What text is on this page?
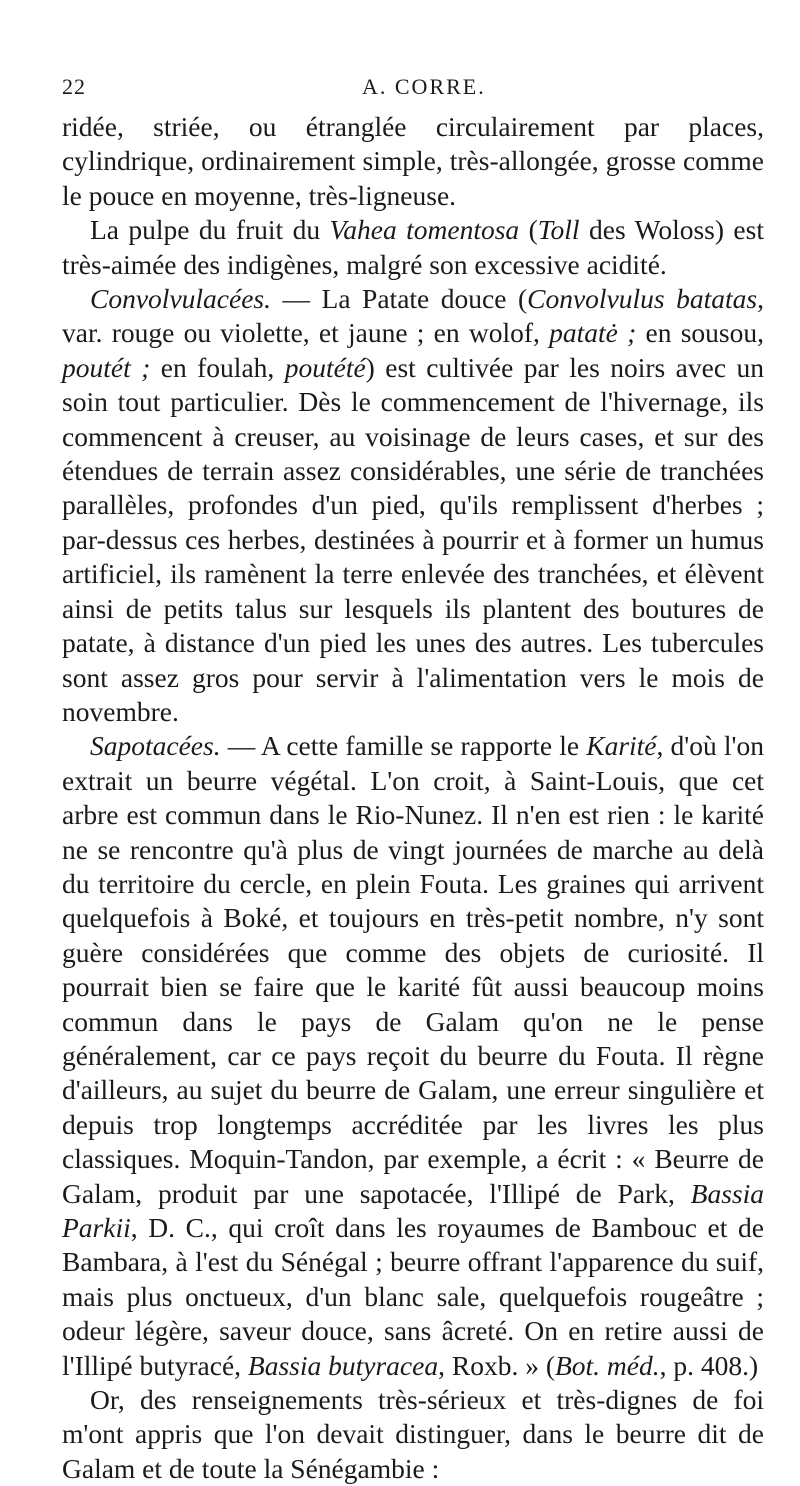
22	A. CORRE.

ridée, striée, ou étranglée circulairement par places, cylindrique, ordinairement simple, très-allongée, grosse comme le pouce en moyenne, très-ligneuse.

La pulpe du fruit du Vahea tomentosa (Toll des Woloss) est très-aimée des indigènes, malgré son excessive acidité.

Convolvulacées. — La Patate douce (Convolvulus batatas, var. rouge ou violette, et jaune ; en wolof, patatė ; en sousou, poutét ; en foulah, poutété) est cultivée par les noirs avec un soin tout particulier. Dès le commencement de l'hivernage, ils commencent à creuser, au voisinage de leurs cases, et sur des étendues de terrain assez considérables, une série de tranchées parallèles, profondes d'un pied, qu'ils remplissent d'herbes ; par-dessus ces herbes, destinées à pourrir et à former un humus artificiel, ils ramènent la terre enlevée des tranchées, et élèvent ainsi de petits talus sur lesquels ils plantent des boutures de patate, à distance d'un pied les unes des autres. Les tubercules sont assez gros pour servir à l'alimentation vers le mois de novembre.

Sapotacées. — A cette famille se rapporte le Karité, d'où l'on extrait un beurre végétal. L'on croit, à Saint-Louis, que cet arbre est commun dans le Rio-Nunez. Il n'en est rien : le karité ne se rencontre qu'à plus de vingt journées de marche au delà du territoire du cercle, en plein Fouta. Les graines qui arrivent quelquefois à Boké, et toujours en très-petit nombre, n'y sont guère considérées que comme des objets de curiosité. Il pourrait bien se faire que le karité fût aussi beaucoup moins commun dans le pays de Galam qu'on ne le pense généralement, car ce pays reçoit du beurre du Fouta. Il règne d'ailleurs, au sujet du beurre de Galam, une erreur singulière et depuis trop longtemps accréditée par les livres les plus classiques. Moquin-Tandon, par exemple, a écrit : « Beurre de Galam, produit par une sapotacée, l'Illipé de Park, Bassia Parkii, D. C., qui croît dans les royaumes de Bambouc et de Bambara, à l'est du Sénégal ; beurre offrant l'apparence du suif, mais plus onctueux, d'un blanc sale, quelquefois rougeâtre ; odeur légère, saveur douce, sans âcreté. On en retire aussi de l'Illipé butyracé, Bassia butyracea, Roxb. » (Bot. méd., p. 408.)

Or, des renseignements très-sérieux et très-dignes de foi m'ont appris que l'on devait distinguer, dans le beurre dit de Galam et de toute la Sénégambie :
